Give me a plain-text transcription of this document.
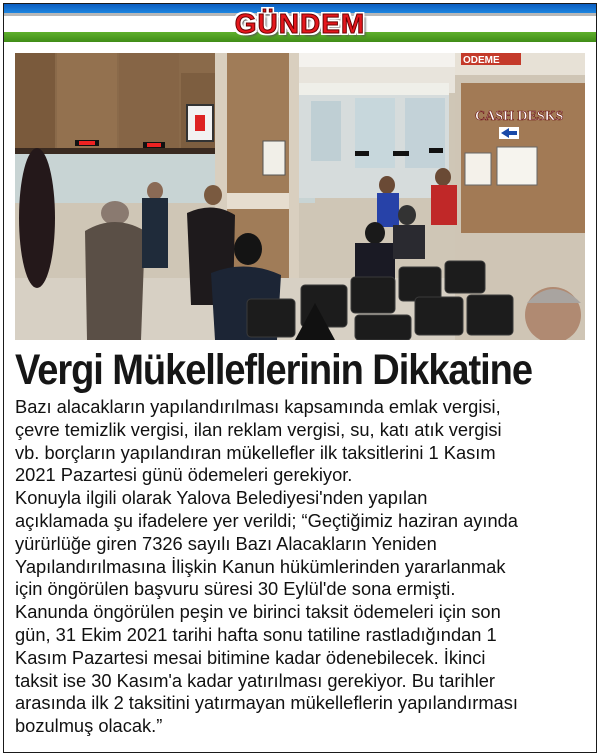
GÜNDEM
ODEME
CASH DESKS
Vergi Mükelleflerinin Dikkatine
Bazı alacakların yapılandırılması kapsamında emlak vergisi,
çevre temizlik vergisi, ilan reklam vergisi, su, katı atık vergisi
vb. borçların yapılandıran mükellefler ilk taksitlerini 1 Kasım
2021 Pazartesi günü ödemeleri gerekiyor.
Konuyla ilgili olarak Yalova Belediyesi'nden yapılan
açıklamada şu ifadelere yer verildi; “Geçtiğimiz haziran ayında
yürürlüğe giren 7326 sayılı Bazı Alacakların Yeniden
Yapılandırılmasına İlişkin Kanun hükümlerinden yararlanmak
için öngörülen başvuru süresi 30 Eylül'de sona ermişti.
Kanunda öngörülen peşin ve birinci taksit ödemeleri için son
gün, 31 Ekim 2021 tarihi hafta sonu tatiline rastladığından 1
Kasım Pazartesi mesai bitimine kadar ödenebilecek. İkinci
taksit ise 30 Kasım'a kadar yatırılması gerekiyor. Bu tarihler
arasında ilk 2 taksitini yatırmayan mükelleflerin yapılandırması
bozulmuş olacak.”
